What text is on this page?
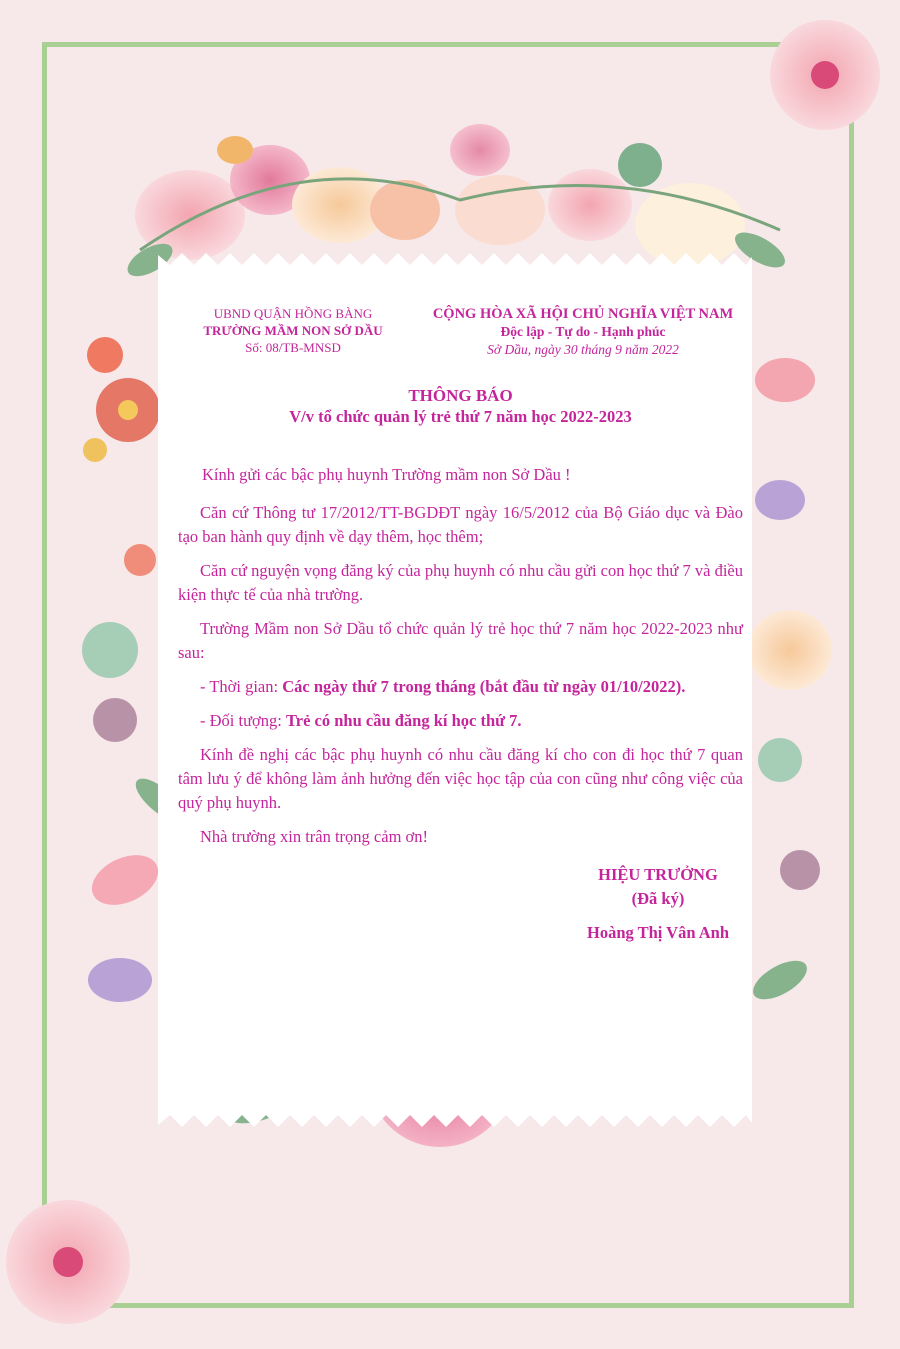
UBND QUẬN HỒNG BÀNG
TRƯỜNG MẦM NON SỞ DẦU
Số: 08/TB-MNSD
CỘNG HÒA XÃ HỘI CHỦ NGHĨA VIỆT NAM
Độc lập - Tự do - Hạnh phúc
Sở Dầu, ngày 30 tháng 9 năm 2022
THÔNG BÁO
V/v tổ chức quản lý trẻ thứ 7 năm học 2022-2023

Kính gửi các bậc phụ huynh Trường mầm non Sở Dầu !

Căn cứ Thông tư 17/2012/TT-BGDĐT ngày 16/5/2012 của Bộ Giáo dục và Đào tạo ban hành quy định về dạy thêm, học thêm;

Căn cứ nguyện vọng đăng ký của phụ huynh có nhu cầu gửi con học thứ 7 và điều kiện thực tế của nhà trường.

Trường Mầm non Sở Dầu tổ chức quản lý trẻ học thứ 7 năm học 2022-2023 như sau:

- Thời gian: Các ngày thứ 7 trong tháng (bắt đầu từ ngày 01/10/2022).

- Đối tượng: Trẻ có nhu cầu đăng kí học thứ 7.

Kính đề nghị các bậc phụ huynh có nhu cầu đăng kí cho con đi học thứ 7 quan tâm lưu ý để không làm ảnh hưởng đến việc học tập của con cũng như công việc của quý phụ huynh.

Nhà trường xin trân trọng cảm ơn!

HIỆU TRƯỞNG
(Đã ký)
Hoàng Thị Vân Anh
